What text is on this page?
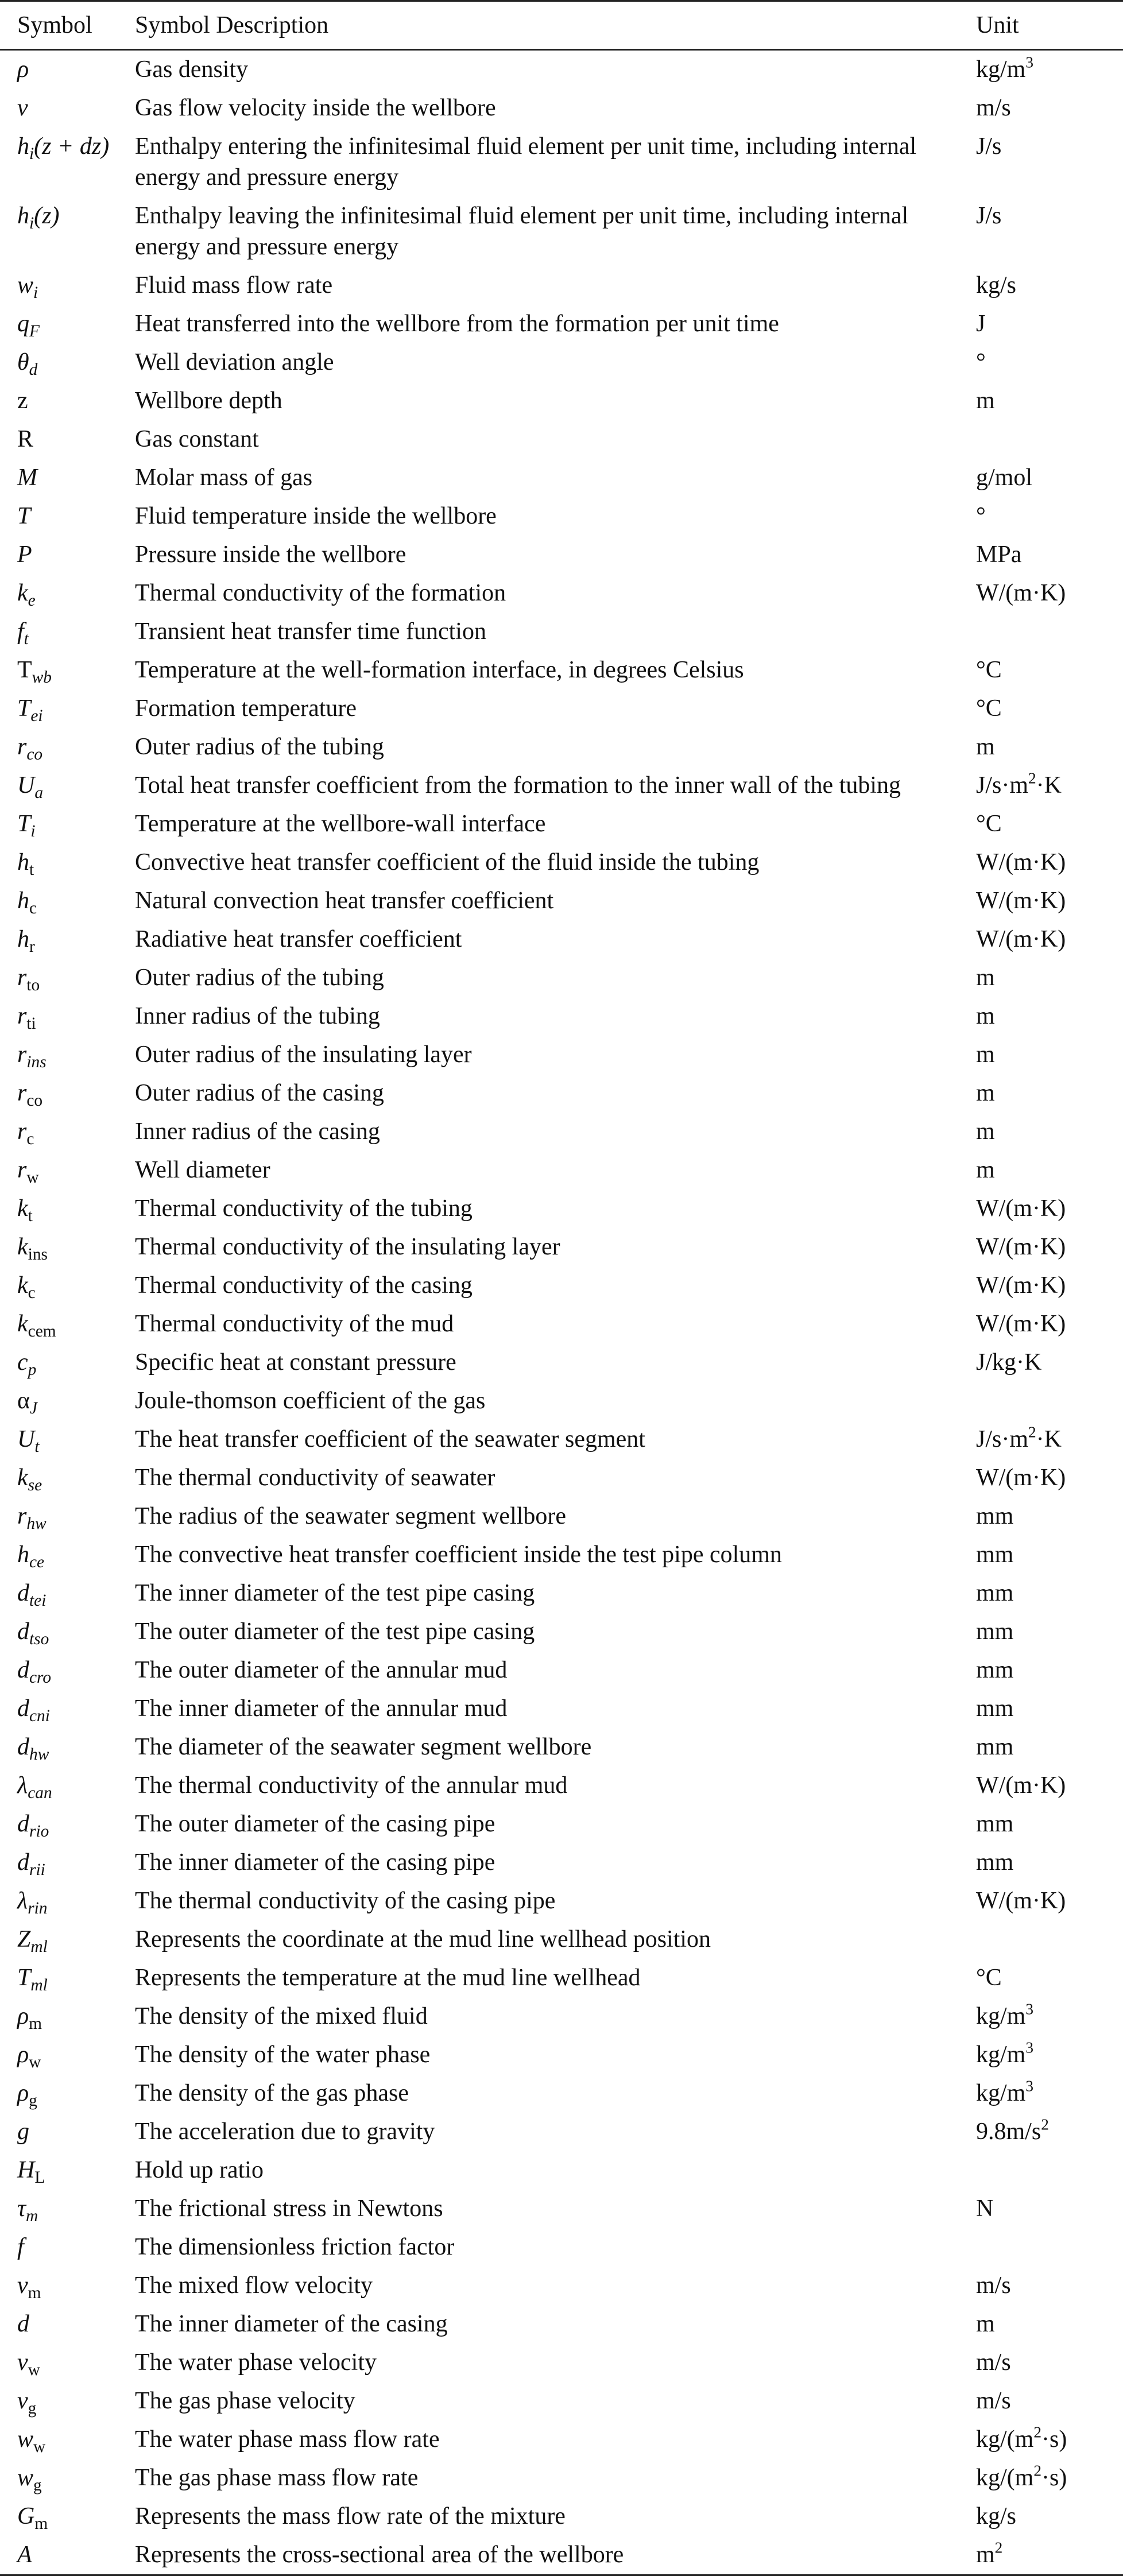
Symbol	Symbol Description	Unit
ρ	Gas density	$kg/m^3$
v	Gas flow velocity inside the wellbore	m/s
$h_i(z + dz)$	Enthalpy entering the infinitesimal fluid element per unit time, including internal energy and pressure energy	J/s
$h_i(z)$	Enthalpy leaving the infinitesimal fluid element per unit time, including internal energy and pressure energy	J/s
$w_i$	Fluid mass flow rate	kg/s
$q_F$	Heat transferred into the wellbore from the formation per unit time	J
$\theta_d$	Well deviation angle	°
z	Wellbore depth	m
R	Gas constant	
M	Molar mass of gas	g/mol
T	Fluid temperature inside the wellbore	°
P	Pressure inside the wellbore	MPa
$k_e$	Thermal conductivity of the formation	W/(m·K)
$f_t$	Transient heat transfer time function	
$T_{wb}$	Temperature at the well-formation interface, in degrees Celsius	°C
$T_{ei}$	Formation temperature	°C
$r_{co}$	Outer radius of the tubing	m
$U_a$	Total heat transfer coefficient from the formation to the inner wall of the tubing	$J/s\cdot m^2\cdot K$
$T_i$	Temperature at the wellbore-wall interface	°C
$h_t$	Convective heat transfer coefficient of the fluid inside the tubing	W/(m·K)
$h_c$	Natural convection heat transfer coefficient	W/(m·K)
$h_r$	Radiative heat transfer coefficient	W/(m·K)
$r_{to}$	Outer radius of the tubing	m
$r_{ti}$	Inner radius of the tubing	m
$r_{ins}$	Outer radius of the insulating layer	m
$r_{co}$	Outer radius of the casing	m
$r_c$	Inner radius of the casing	m
$r_w$	Well diameter	m
$k_t$	Thermal conductivity of the tubing	W/(m·K)
$k_{ins}$	Thermal conductivity of the insulating layer	W/(m·K)
$k_c$	Thermal conductivity of the casing	W/(m·K)
$k_{cem}$	Thermal conductivity of the mud	W/(m·K)
$c_p$	Specific heat at constant pressure	J/kg·K
$\alpha_J$	Joule-thomson coefficient of the gas	
$U_t$	The heat transfer coefficient of the seawater segment	$J/s\cdot m^2\cdot K$
$k_{se}$	The thermal conductivity of seawater	W/(m·K)
$r_{hw}$	The radius of the seawater segment wellbore	mm
$h_{ce}$	The convective heat transfer coefficient inside the test pipe column	mm
$d_{tei}$	The inner diameter of the test pipe casing	mm
$d_{tso}$	The outer diameter of the test pipe casing	mm
$d_{cro}$	The outer diameter of the annular mud	mm
$d_{cni}$	The inner diameter of the annular mud	mm
$d_{hw}$	The diameter of the seawater segment wellbore	mm
$\lambda_{can}$	The thermal conductivity of the annular mud	W/(m·K)
$d_{rio}$	The outer diameter of the casing pipe	mm
$d_{rii}$	The inner diameter of the casing pipe	mm
$\lambda_{rin}$	The thermal conductivity of the casing pipe	W/(m·K)
$Z_{ml}$	Represents the coordinate at the mud line wellhead position	
$T_{ml}$	Represents the temperature at the mud line wellhead	°C
$\rho_m$	The density of the mixed fluid	$kg/m^3$
$\rho_w$	The density of the water phase	$kg/m^3$
$\rho_g$	The density of the gas phase	$kg/m^3$
g	The acceleration due to gravity	$9.8m/s^2$
$H_L$	Hold up ratio	
$\tau_m$	The frictional stress in Newtons	N
f	The dimensionless friction factor	
$v_m$	The mixed flow velocity	m/s
d	The inner diameter of the casing	m
$v_w$	The water phase velocity	m/s
$v_g$	The gas phase velocity	m/s
$w_w$	The water phase mass flow rate	$kg/(m^2\cdot s)$
$w_g$	The gas phase mass flow rate	$kg/(m^2\cdot s)$
$G_m$	Represents the mass flow rate of the mixture	kg/s
A	Represents the cross-sectional area of the wellbore	$m^2$
